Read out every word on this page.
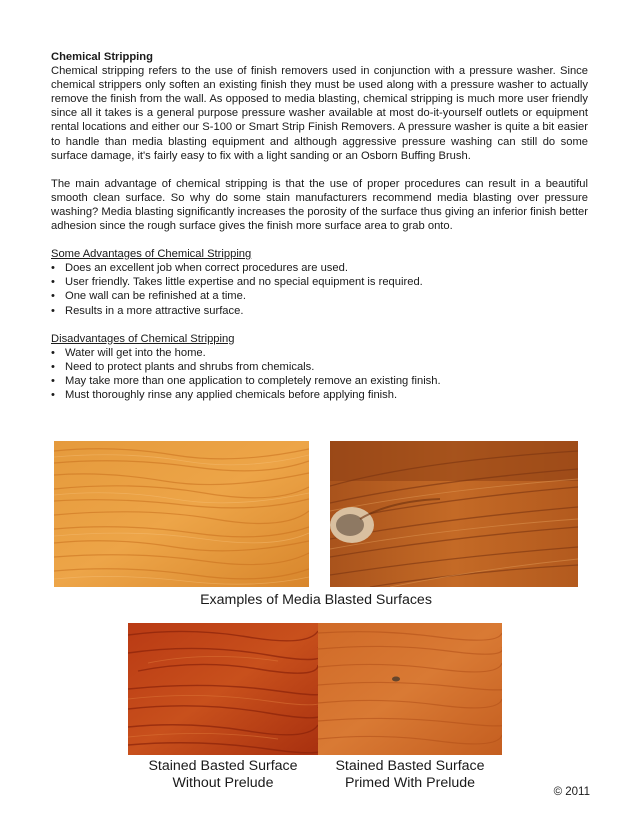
Chemical Stripping

Chemical stripping refers to the use of finish removers used in conjunction with a pressure washer. Since chemical strippers only soften an existing finish they must be used along with a pressure washer to actually remove the finish from the wall. As opposed to media blasting, chemical stripping is much more user friendly since all it takes is a general purpose pressure washer available at most do-it-yourself outlets or equipment rental locations and either our S-100 or Smart Strip Finish Removers. A pressure washer is quite a bit easier to handle than media blasting equipment and although aggressive pressure washing can still do some surface damage, it's fairly easy to fix with a light sanding or an Osborn Buffing Brush.

The main advantage of chemical stripping is that the use of proper procedures can result in a beautiful smooth clean surface. So why do some stain manufacturers recommend media blasting over pressure washing? Media blasting significantly increases the porosity of the surface thus giving an inferior finish better adhesion since the rough surface gives the finish more surface area to grab onto.

Some Advantages of Chemical Stripping
• Does an excellent job when correct procedures are used.
• User friendly. Takes little expertise and no special equipment is required.
• One wall can be refinished at a time.
• Results in a more attractive surface.
Disadvantages of Chemical Stripping
• Water will get into the home.
• Need to protect plants and shrubs from chemicals.
• May take more than one application to completely remove an existing finish.
• Must thoroughly rinse any applied chemicals before applying finish.
Examples of Media Blasted Surfaces
Stained Basted Surface
Without Prelude
Stained Basted Surface
Primed With Prelude
© 2011
